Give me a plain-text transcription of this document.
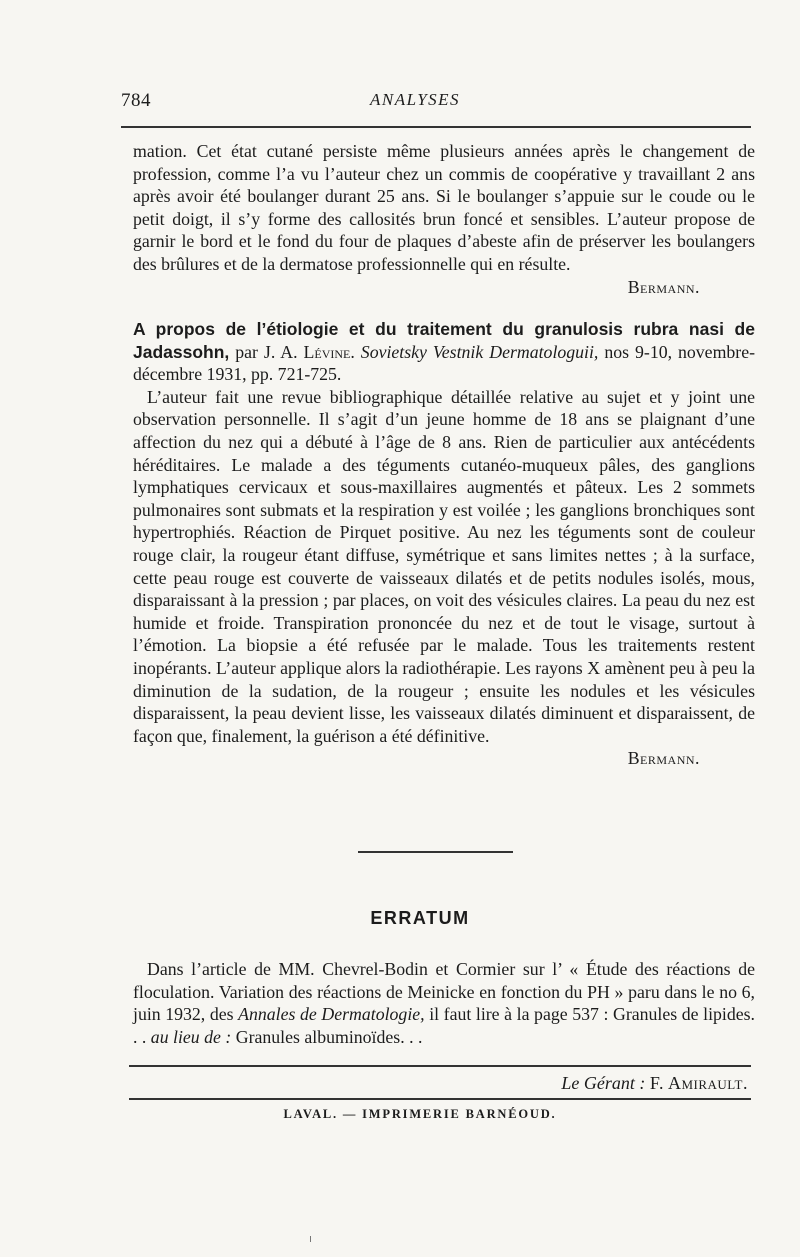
784	ANALYSES

mation. Cet état cutané persiste même plusieurs années après le changement de profession, comme l’a vu l’auteur chez un commis de coopérative y travaillant 2 ans après avoir été boulanger durant 25 ans. Si le boulanger s’appuie sur le coude ou le petit doigt, il s’y forme des callosités brun foncé et sensibles. L’auteur propose de garnir le bord et le fond du four de plaques d’abeste afin de préserver les boulangers des brûlures et de la dermatose professionnelle qui en résulte.

Bermann.

A propos de l’étiologie et du traitement du granulosis rubra nasi de Jadassohn, par J. A. Lévine. Sovietsky Vestnik Dermatologuii, nos 9-10, novembre-décembre 1931, pp. 721-725.

L’auteur fait une revue bibliographique détaillée relative au sujet et y joint une observation personnelle. Il s’agit d’un jeune homme de 18 ans se plaignant d’une affection du nez qui a débuté à l’âge de 8 ans. Rien de particulier aux antécédents héréditaires. Le malade a des téguments cutanéo-muqueux pâles, des ganglions lymphatiques cervicaux et sous-maxillaires augmentés et pâteux. Les 2 sommets pulmonaires sont submats et la respiration y est voilée ; les ganglions bronchiques sont hypertrophiés. Réaction de Pirquet positive. Au nez les téguments sont de couleur rouge clair, la rougeur étant diffuse, symétrique et sans limites nettes ; à la surface, cette peau rouge est couverte de vaisseaux dilatés et de petits nodules isolés, mous, disparaissant à la pression ; par places, on voit des vésicules claires. La peau du nez est humide et froide. Transpiration prononcée du nez et de tout le visage, surtout à l’émotion. La biopsie a été refusée par le malade. Tous les traitements restent inopérants. L’auteur applique alors la radiothérapie. Les rayons X amènent peu à peu la diminution de la sudation, de la rougeur ; ensuite les nodules et les vésicules disparaissent, la peau devient lisse, les vaisseaux dilatés diminuent et disparaissent, de façon que, finalement, la guérison a été définitive.

Bermann.

ERRATUM

Dans l’article de MM. Chevrel-Bodin et Cormier sur l’ « Étude des réactions de floculation. Variation des réactions de Meinicke en fonction du PH » paru dans le no 6, juin 1932, des Annales de Dermatologie, il faut lire à la page 537 : Granules de lipides. . . au lieu de : Granules albuminoïdes. . .

Le Gérant : F. Amirault.
LAVAL. — IMPRIMERIE BARNÉOUD.
